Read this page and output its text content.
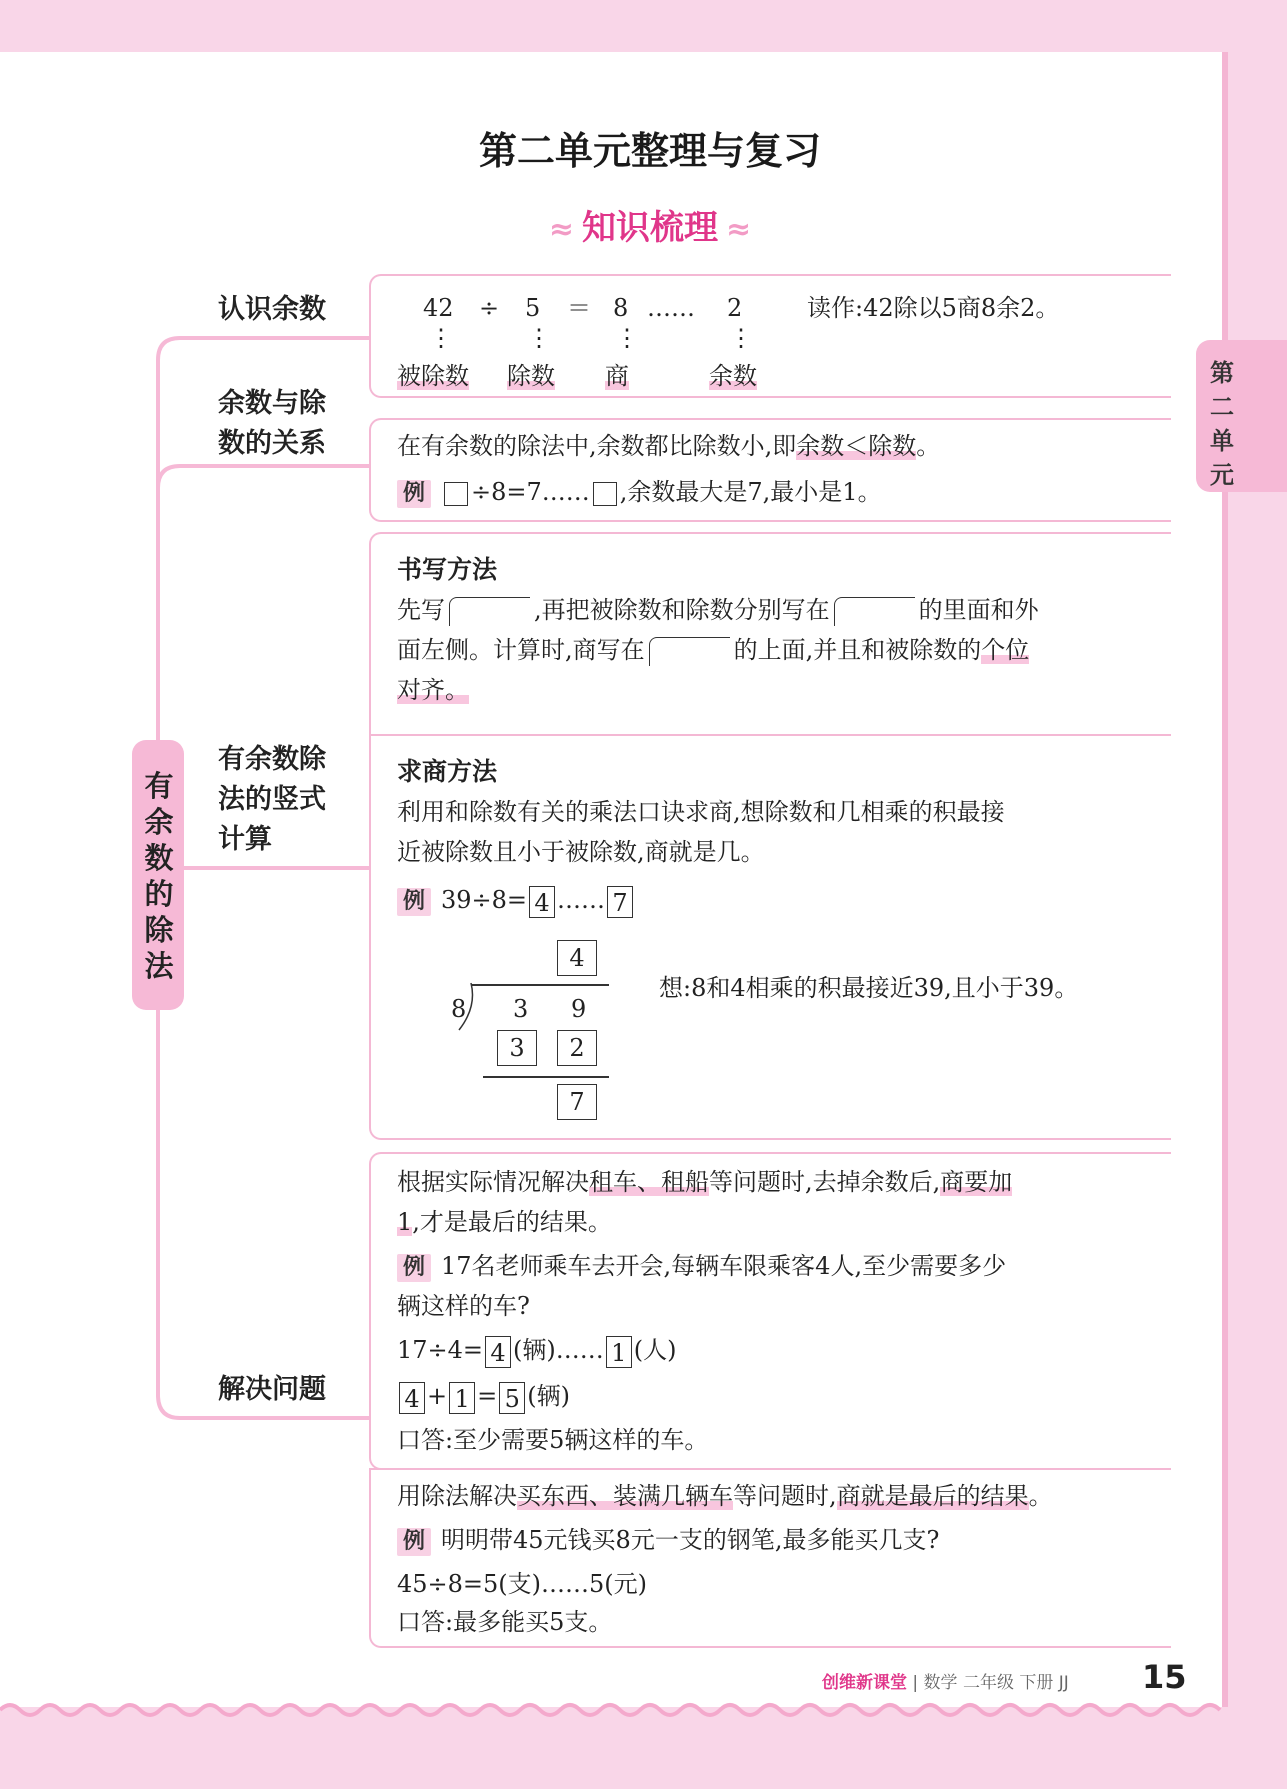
第二单元整理与复习
≈ 知识梳理 ≈
第二单元
有余数的除法
认识余数
余数与除
数的关系
有余数除
法的竖式
计算
解决问题
42 ÷ 5 ＝ 8 …… 2	读作:42除以5商8余2。
⋮	⋮	⋮	⋮
被除数 除数 商	余数
在有余数的除法中,余数都比除数小,即余数＜除数。
例 ÷8=7…… ,余数最大是7,最小是1。
书写方法
先写	,再把被除数和除数分别写在	的里面和外
面左侧。计算时,商写在	的上面,并且和被除数的个位
对齐。
求商方法
利用和除数有关的乘法口诀求商,想除数和几相乘的积最接
近被除数且小于被除数,商就是几。
例 39÷8= 4 …… 7
4
8 3 9
3	2
7
想:8和4相乘的积最接近39,且小于39。
根据实际情况解决租车、租船等问题时,去掉余数后,商要加
1,才是最后的结果。
例 17名老师乘车去开会,每辆车限乘客4人,至少需要多少
辆这样的车?
17÷4= 4 (辆)…… 1 (人)
4 + 1 = 5 (辆)
口答:至少需要5辆这样的车。
用除法解决买东西、装满几辆车等问题时,商就是最后的结果。
例 明明带45元钱买8元一支的钢笔,最多能买几支?
45÷8=5(支)……5(元)
口答:最多能买5支。
创维新课堂 | 数学 二年级 下册 JJ 15
